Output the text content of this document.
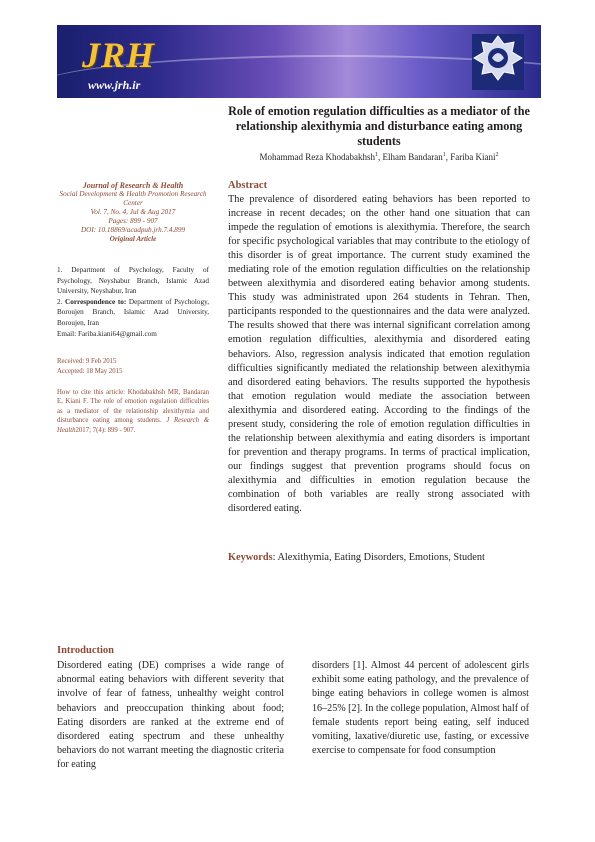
JRH
www.jrh.ir
Role of emotion regulation difficulties as a mediator of the relationship alexithymia and disturbance eating among students
Mohammad Reza Khodabakhsh$^1$, Elham Bandaran$^1$, Fariba Kiani$^2$
Journal of Research & Health
Social Development & Health Promotion Research Center
Vol. 7, No. 4, Jul & Aug 2017
Pages: 899 - 907
DOI: 10.18869/acadpub.jrh.7.4.899
Original Article

1. Department of Psychology, Faculty of Psychology, Neyshabur Branch, Islamic Azad University, Neyshabur, Iran

2. Correspondence to: Department of Psychology, Boroujen Branch, Islamic Azad University, Boroujen, Iran

Email: Fariba.kiani64@gmail.com

Received: 9 Feb 2015
Accepted: 18 May 2015
How to cite this article: Khodabakhsh MR, Bandaran E, Kiani F. The role of emotion regulation difficulties as a mediator of the relationship alexithymia and disturbance eating among students. J Research & Health2017; 7(4): 899 - 907.
Abstract
The prevalence of disordered eating behaviors has been reported to increase in recent decades; on the other hand one situation that can impede the regulation of emotions is alexithymia. Therefore, the search for specific psychological variables that may contribute to the etiology of this disorder is of great importance. The current study examined the mediating role of the emotion regulation difficulties on the relationship between alexithymia and disordered eating behavior among students. This study was administrated upon 264 students in Tehran. Then, participants responded to the questionnaires and the data were analyzed. The results showed that there was internal significant correlation among emotion regulation difficulties, alexithymia and disordered eating behaviors. Also, regression analysis indicated that emotion regulation difficulties significantly mediated the relationship between alexithymia and disordered eating behaviors. The results supported the hypothesis that emotion regulation would mediate the association between alexithymia and disordered eating. According to the findings of the present study, considering the role of emotion regulation difficulties in the relationship between alexithymia and eating disorders is important for prevention and therapy programs. In terms of practical implication, our findings suggest that prevention programs should focus on alexithymia and difficulties in emotion regulation because the combination of both variables are really strong associated with disordered eating.
Keywords: Alexithymia, Eating Disorders, Emotions, Student
Introduction
Disordered eating (DE) comprises a wide range of abnormal eating behaviors with different severity that involve of fear of fatness, unhealthy weight control behaviors and preoccupation thinking about food; Eating disorders are ranked at the extreme end of disordered eating spectrum and these unhealthy behaviors do not warrant meeting the diagnostic criteria for eating
disorders [1]. Almost 44 percent of adolescent girls exhibit some eating pathology, and the prevalence of binge eating behaviors in college women is almost 16–25% [2]. In the college population, Almost half of female students report being eating, self induced vomiting, laxative/diuretic use, fasting, or excessive exercise to compensate for food consumption
